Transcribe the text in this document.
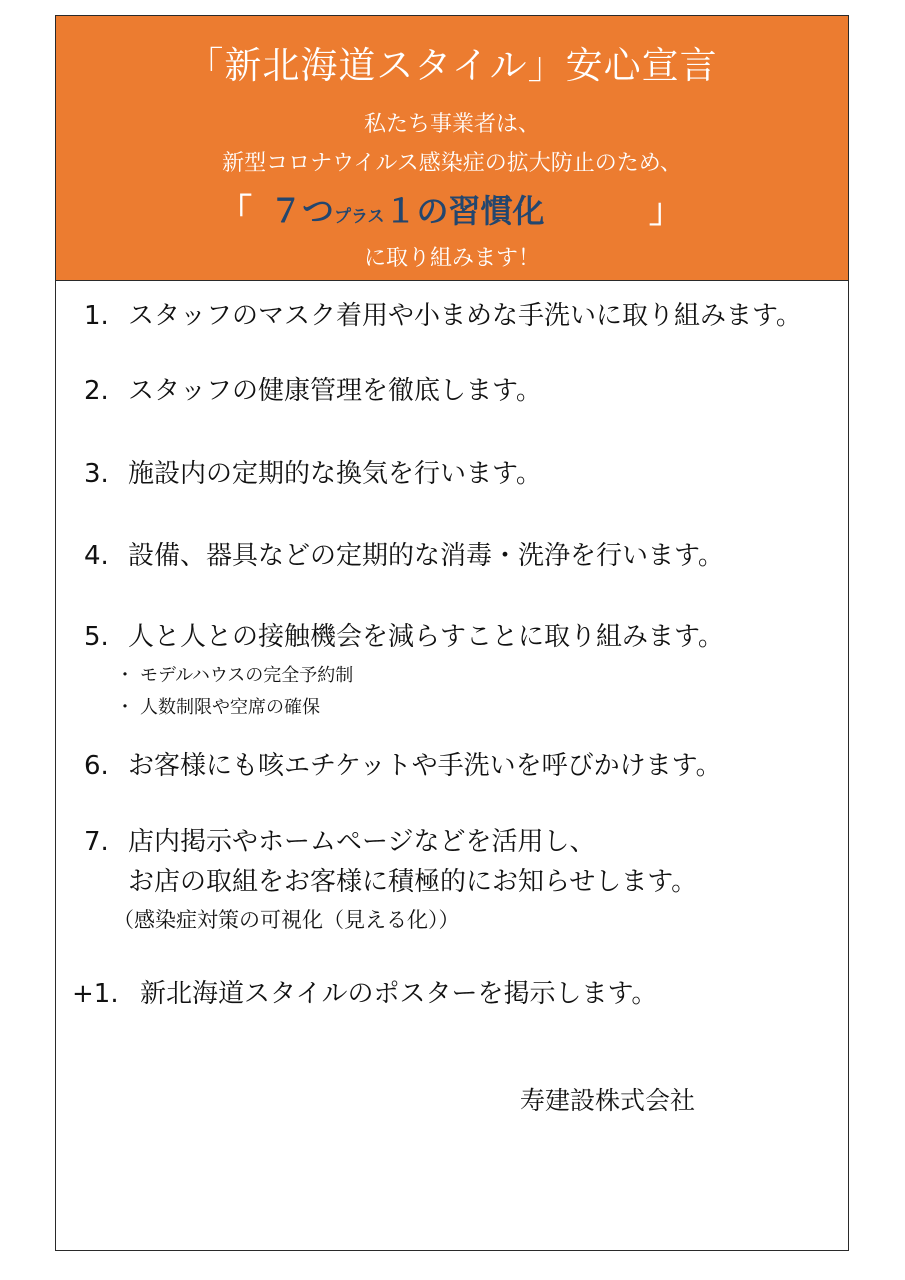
「新北海道スタイル」安心宣言
私たち事業者は、
新型コロナウイルス感染症の拡大防止のため、
「 ７つプラス１の習慣化	」
に取り組みます！
1. スタッフのマスク着用や小まめな手洗いに取り組みます。
2. スタッフの健康管理を徹底します。
3. 施設内の定期的な換気を行います。
4. 設備、器具などの定期的な消毒・洗浄を行います。
5. 人と人との接触機会を減らすことに取り組みます。
・ モデルハウスの完全予約制
・ 人数制限や空席の確保
6. お客様にも咳エチケットや手洗いを呼びかけます。
7. 店内掲示やホームページなどを活用し、
お店の取組をお客様に積極的にお知らせします。
（感染症対策の可視化（見える化））
+1. 新北海道スタイルのポスターを掲示します。
寿建設株式会社
